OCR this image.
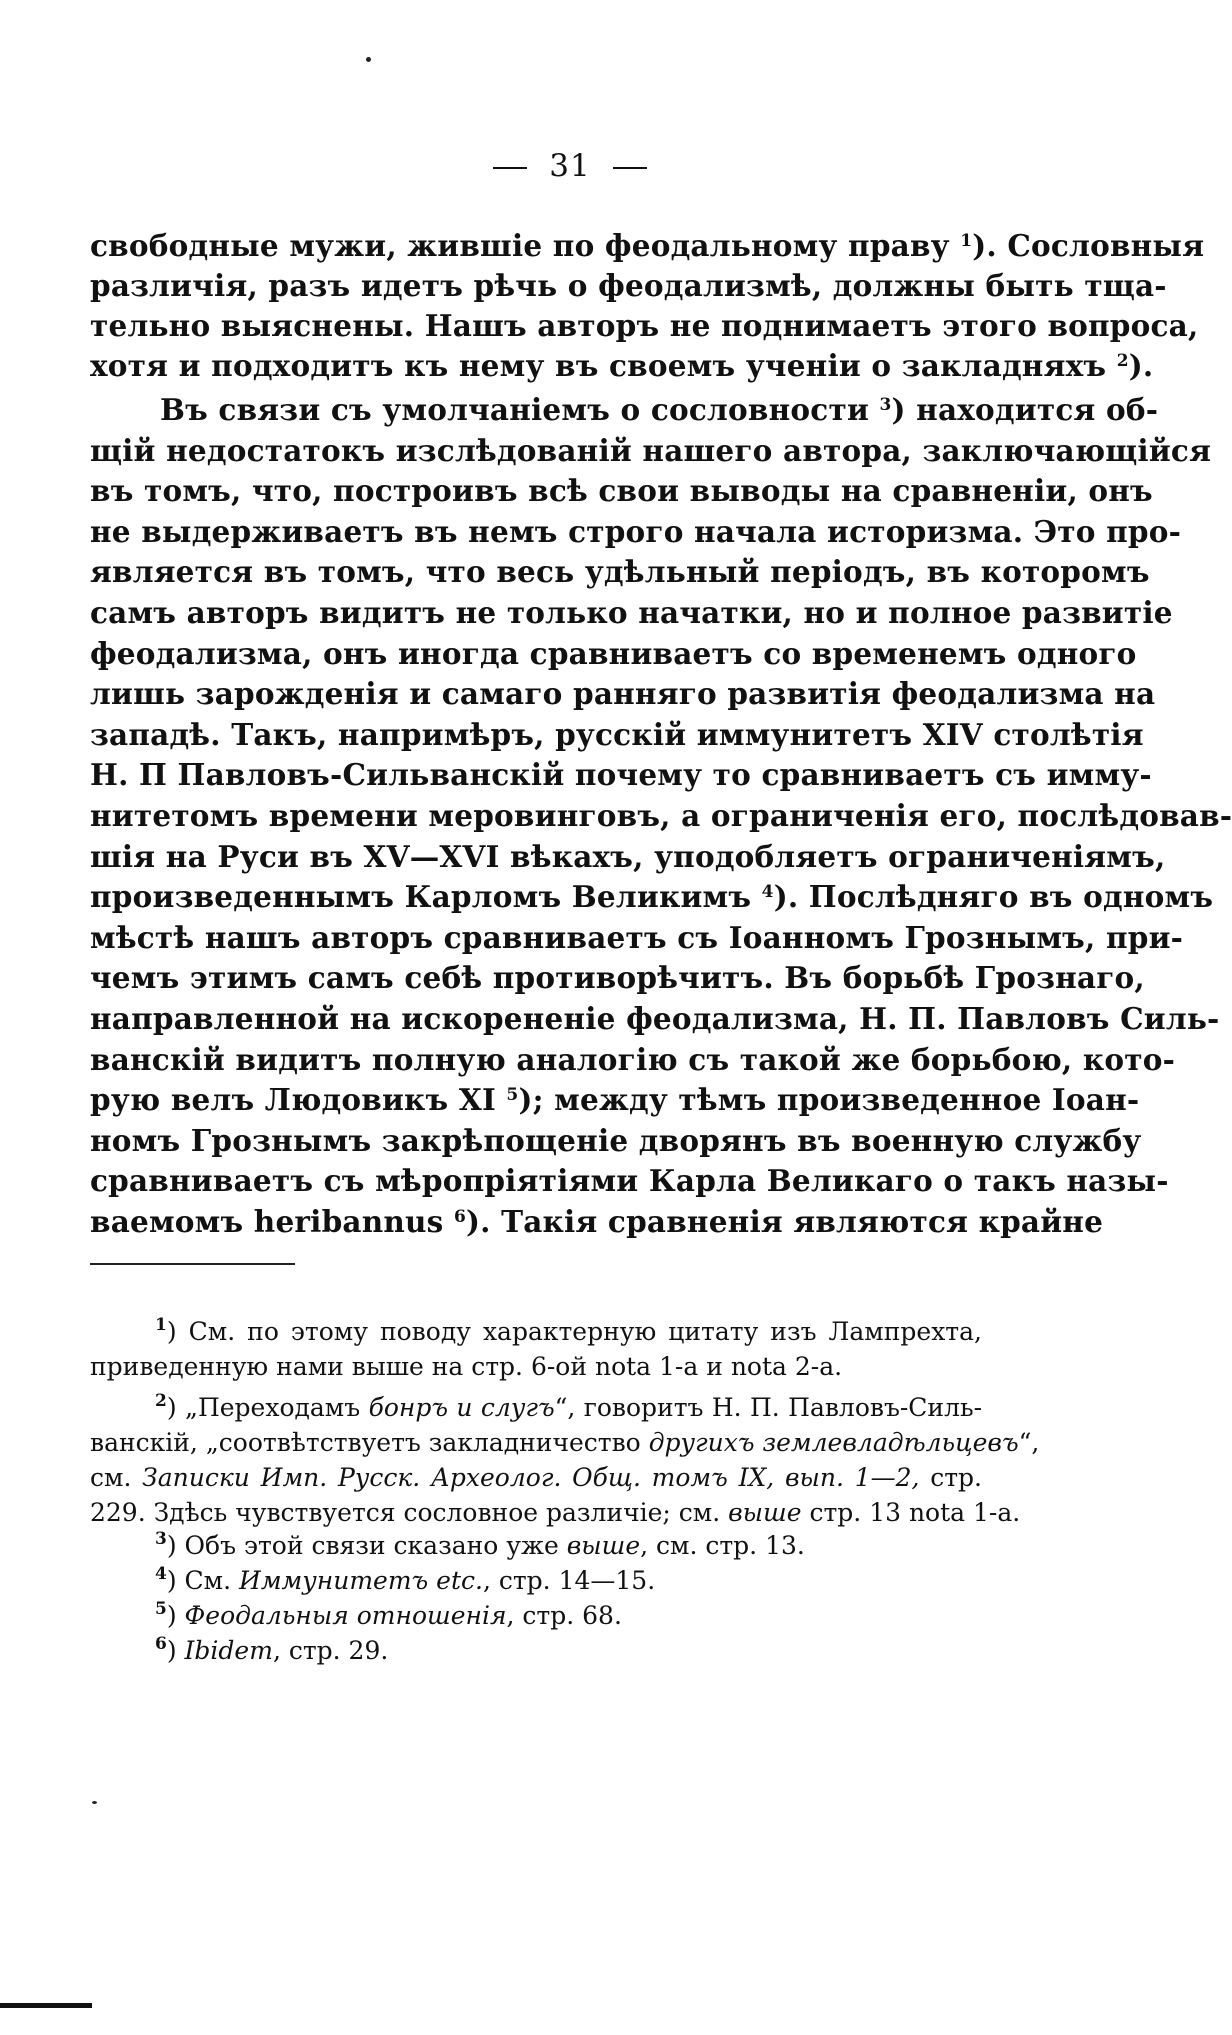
31
свободные мужи, жившіе по феодальному праву $^1$). Сословныя
различія, разъ идетъ рѣчь о феодализмѣ, должны быть тща-
тельно выяснены. Нашъ авторъ не поднимаетъ этого вопроса,
хотя и подходитъ къ нему въ своемъ ученіи о закладняхъ $^2$).
Въ связи съ умолчаніемъ о сословности $^3$) находится об-
щій недостатокъ изслѣдованій нашего автора, заключающійся
въ томъ, что, построивъ всѣ свои выводы на сравненіи, онъ
не выдерживаетъ въ немъ строго начала историзма. Это про-
является въ томъ, что весь удѣльный періодъ, въ которомъ
самъ авторъ видитъ не только начатки, но и полное развитіе
феодализма, онъ иногда сравниваетъ со временемъ одного
лишь зарожденія и самаго ранняго развитія феодализма на
западѣ. Такъ, напримѣръ, русскій иммунитетъ XIV столѣтія
Н. П Павловъ-Сильванскій почему то сравниваетъ съ имму-
нитетомъ времени меровинговъ, а ограниченія его, послѣдовав-
шія на Руси въ XV—XVI вѣкахъ, уподобляетъ ограниченіямъ,
произведеннымъ Карломъ Великимъ $^4$). Послѣдняго въ одномъ
мѣстѣ нашъ авторъ сравниваетъ съ Іоанномъ Грознымъ, при-
чемъ этимъ самъ себѣ противорѣчитъ. Въ борьбѣ Грознаго,
направленной на искорененіе феодализма, Н. П. Павловъ Силь-
ванскій видитъ полную аналогію съ такой же борьбою, кото-
рую велъ Людовикъ XI $^5$); между тѣмъ произведенное Іоан-
номъ Грознымъ закрѣпощеніе дворянъ въ военную службу
сравниваетъ съ мѣропріятіями Карла Великаго о такъ назы-
ваемомъ heribannus $^6$). Такія сравненія являются крайне
$^1$) См. по этому поводу характерную цитату изъ Лампрехта,
приведенную нами выше на стр. 6-ой nota 1-а и nota 2-а.
$^2$) „Переходамъ бонръ и слугъ“, говоритъ Н. П. Павловъ-Силь-
ванскій, „соотвѣтствуетъ закладничество другихъ землевладѣльцевъ“,
см. Записки Имп. Русск. Археолог. Общ. томъ IX, вып. 1—2, стр.
229. Здѣсь чувствуется сословное различіе; см. выше стр. 13 nota 1-а.
$^3$) Объ этой связи сказано уже выше, см. стр. 13.
$^4$) См. Иммунитетъ etc., стр. 14—15.
$^5$) Феодальныя отношенія, стр. 68.
$^6$) Ibidem, стр. 29.
